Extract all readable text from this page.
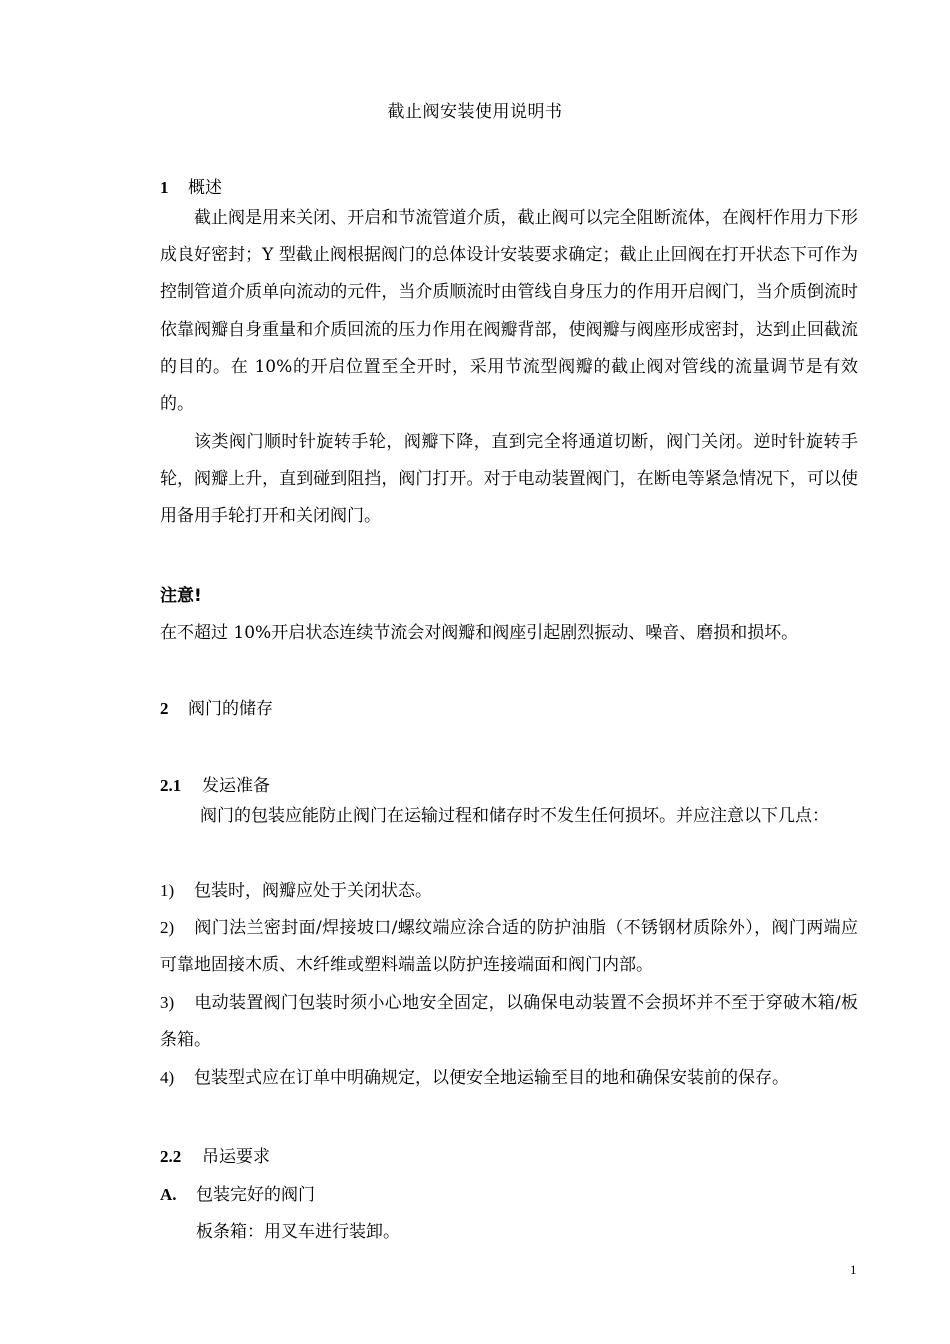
截止阀安装使用说明书
1 概述
截止阀是用来关闭、开启和节流管道介质，截止阀可以完全阻断流体，在阀杆作用力下形成良好密封；Y 型截止阀根据阀门的总体设计安装要求确定；截止止回阀在打开状态下可作为控制管道介质单向流动的元件，当介质顺流时由管线自身压力的作用开启阀门，当介质倒流时依靠阀瓣自身重量和介质回流的压力作用在阀瓣背部，使阀瓣与阀座形成密封，达到止回截流的目的。在 10%的开启位置至全开时，采用节流型阀瓣的截止阀对管线的流量调节是有效的。
该类阀门顺时针旋转手轮，阀瓣下降，直到完全将通道切断，阀门关闭。逆时针旋转手轮，阀瓣上升，直到碰到阻挡，阀门打开。对于电动装置阀门，在断电等紧急情况下，可以使用备用手轮打开和关闭阀门。
注意!
在不超过 10%开启状态连续节流会对阀瓣和阀座引起剧烈振动、噪音、磨损和损坏。
2 阀门的储存
2.1 发运准备
阀门的包装应能防止阀门在运输过程和储存时不发生任何损坏。并应注意以下几点：
1) 包装时，阀瓣应处于关闭状态。
2) 阀门法兰密封面/焊接坡口/螺纹端应涂合适的防护油脂（不锈钢材质除外），阀门两端应可靠地固接木质、木纤维或塑料端盖以防护连接端面和阀门内部。
3) 电动装置阀门包装时须小心地安全固定，以确保电动装置不会损坏并不至于穿破木箱/板条箱。
4) 包装型式应在订单中明确规定，以便安全地运输至目的地和确保安装前的保存。
2.2 吊运要求
A. 包装完好的阀门
板条箱：用叉车进行装卸。
1
